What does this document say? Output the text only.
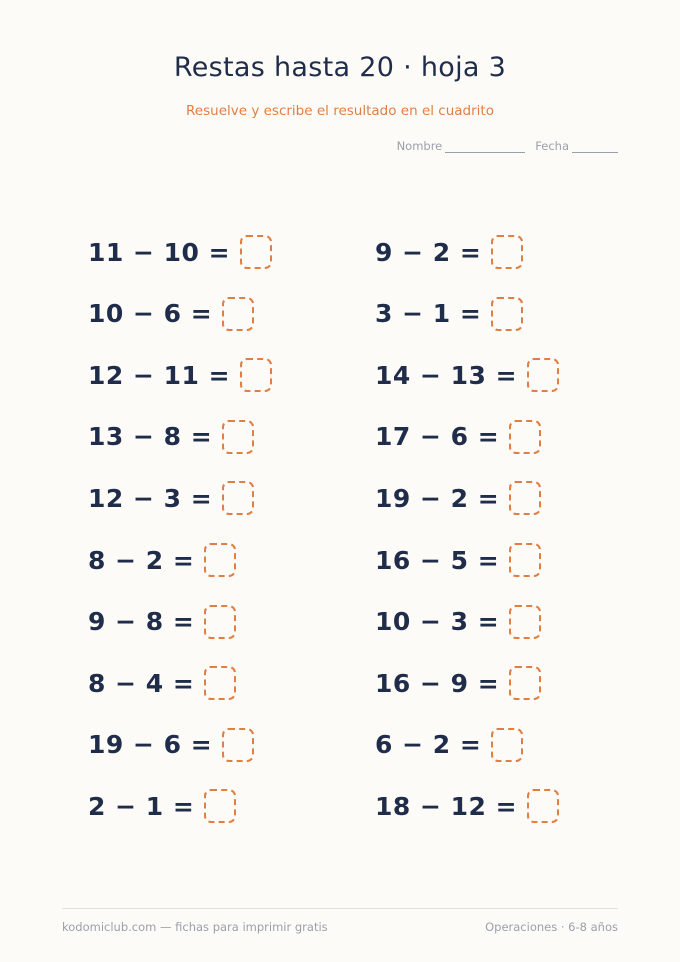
Restas hasta 20 · hoja 3
Resuelve y escribe el resultado en el cuadrito
Nombre	Fecha
11 − 10 =
10 − 6 =
12 − 11 =
13 − 8 =
12 − 3 =
8 − 2 =
9 − 8 =
8 − 4 =
19 − 6 =
2 − 1 =
9 − 2 =
3 − 1 =
14 − 13 =
17 − 6 =
19 − 2 =
16 − 5 =
10 − 3 =
16 − 9 =
6 − 2 =
18 − 12 =
kodomiclub.com — fichas para imprimir gratis	Operaciones · 6-8 años
